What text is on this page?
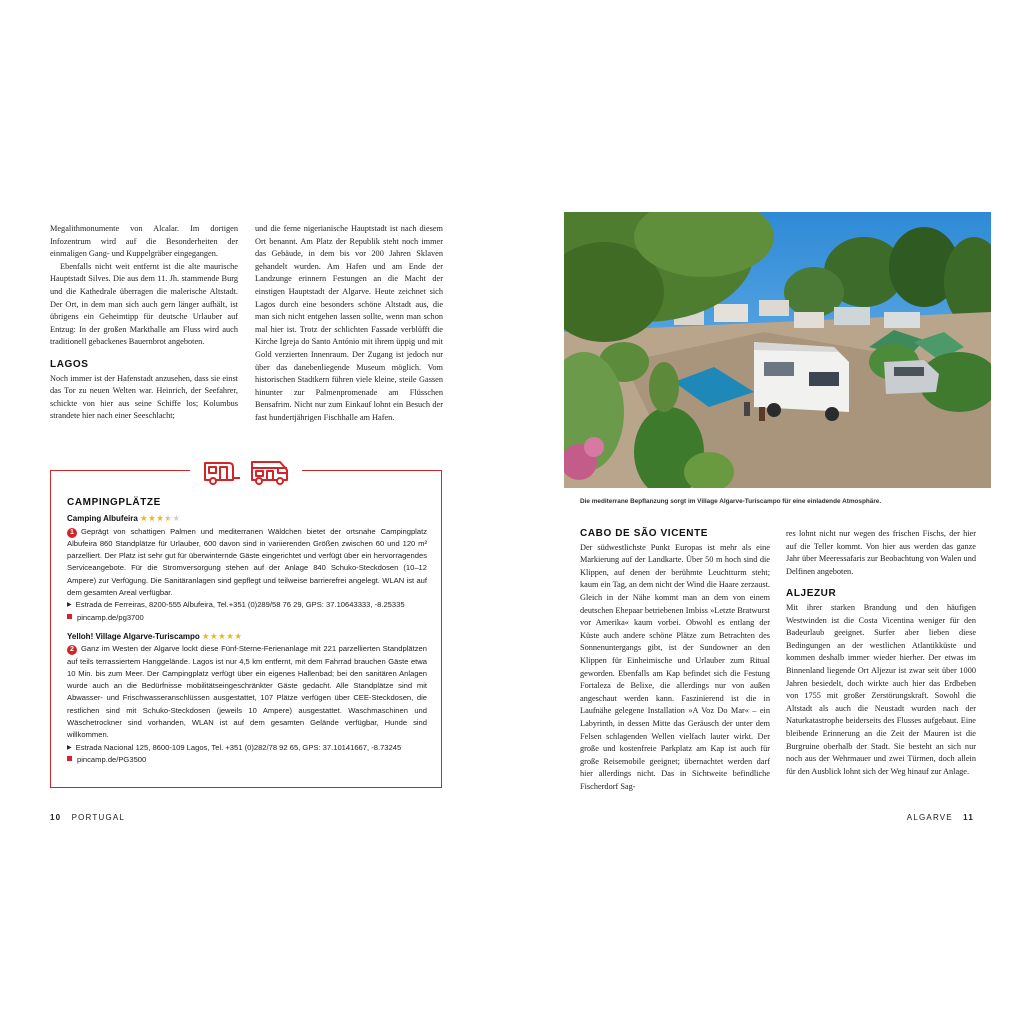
Megalithmonumente von Alcalar. Im dortigen Infozentrum wird auf die Besonderheiten der einmaligen Gang- und Kuppelgräber eingegangen.

Ebenfalls nicht weit entfernt ist die alte maurische Hauptstadt Silves. Die aus dem 11. Jh. stammende Burg und die Kathedrale überragen die malerische Altstadt. Der Ort, in dem man sich auch gern länger aufhält, ist übrigens ein Geheimtipp für deutsche Urlauber auf Entzug: In der großen Markthalle am Fluss wird auch traditionell gebackenes Bauernbrot angeboten.

LAGOS

Noch immer ist der Hafenstadt anzusehen, dass sie einst das Tor zu neuen Welten war. Heinrich, der Seefahrer, schickte von hier aus seine Schiffe los; Kolumbus strandete hier nach einer Seeschlacht;

und die ferne nigerianische Hauptstadt ist nach diesem Ort benannt. Am Platz der Republik steht noch immer das Gebäude, in dem bis vor 200 Jahren Sklaven gehandelt wurden. Am Hafen und am Ende der Landzunge erinnern Festungen an die Macht der einstigen Hauptstadt der Algarve. Heute zeichnet sich Lagos durch eine besonders schöne Altstadt aus, die man sich nicht entgehen lassen sollte, wenn man schon mal hier ist. Trotz der schlichten Fassade verblüfft die Kirche Igreja do Santo António mit ihrem üppig und mit Gold verzierten Innenraum. Der Zugang ist jedoch nur über das danebenliegende Museum möglich. Vom historischen Stadtkern führen viele kleine, steile Gassen hinunter zur Palmenpromenade am Flüsschen Bensafrim. Nicht nur zum Einkauf lohnt ein Besuch der fast hundertjährigen Fischhalle am Hafen.

CAMPINGPLÄTZE
Camping Albufeira ★★★★★
1 Geprägt von schattigen Palmen und mediterranen Wäldchen bietet der ortsnahe Campingplatz Albufeira 860 Standplätze für Urlauber, 600 davon sind in variierenden Größen zwischen 60 und 120 m² parzelliert. Der Platz ist sehr gut für überwinternde Gäste eingerichtet und verfügt über ein hervorragendes Serviceangebote. Für die Stromversorgung stehen auf der Anlage 840 Schuko-Steckdosen (10–12 Ampere) zur Verfügung. Die Sanitäranlagen sind gepflegt und teilweise barrierefrei angelegt. WLAN ist auf dem gesamten Areal verfügbar.
▶ Estrada de Ferreiras, 8200-555 Albufeira, Tel.+351 (0)289/58 76 29, GPS: 37.10643333, -8.25335
pincamp.de/pg3700
Yelloh! Village Algarve-Turiscampo ★★★★★
2 Ganz im Westen der Algarve lockt diese Fünf-Sterne-Ferienanlage mit 221 parzellierten Standplätzen auf teils terrassiertem Hanggelände. Lagos ist nur 4,5 km entfernt, mit dem Fahrrad brauchen Gäste etwa 10 Min. bis zum Meer. Der Campingplatz verfügt über ein eigenes Hallenbad; bei den sanitären Anlagen wurde auch an die Bedürfnisse mobilitätseingeschränkter Gäste gedacht. Alle Standplätze sind mit Abwasser- und Frischwasseranschlüssen ausgestattet, 107 Plätze verfügen über CEE-Steckdosen, die restlichen sind mit Schuko-Steckdosen (jeweils 10 Ampere) ausgestattet. Waschmaschinen und Wäschetrockner sind vorhanden, WLAN ist auf dem gesamten Gelände verfügbar, Hunde sind willkommen.
▶ Estrada Nacional 125, 8600-109 Lagos, Tel. +351 (0)282/78 92 65, GPS: 37.10141667, -8.73245
pincamp.de/PG3500
10 PORTUGAL
Die mediterrane Bepflanzung sorgt im Village Algarve-Turiscampo für eine einladende Atmosphäre.
CABO DE SÃO VICENTE

Der südwestlichste Punkt Europas ist mehr als eine Markierung auf der Landkarte. Über 50 m hoch sind die Klippen, auf denen der berühmte Leuchtturm steht; kaum ein Tag, an dem nicht der Wind die Haare zerzaust. Gleich in der Nähe kommt man an dem von einem deutschen Ehepaar betriebenen Imbiss »Letzte Bratwurst vor Amerika« kaum vorbei. Obwohl es entlang der Küste auch andere schöne Plätze zum Betrachten des Sonnenuntergangs gibt, ist der Sundowner an den Klippen für Einheimische und Urlauber zum Ritual geworden. Ebenfalls am Kap befindet sich die Festung Fortaleza de Belixe, die allerdings nur von außen angeschaut werden kann. Faszinierend ist die in Laufnähe gelegene Installation »A Voz Do Mar« – ein Labyrinth, in dessen Mitte das Geräusch der unter dem Felsen schlagenden Wellen vielfach lauter wirkt. Der große und kostenfreie Parkplatz am Kap ist auch für große Reisemobile geeignet; übernachtet werden darf hier allerdings nicht. Das in Sichtweite befindliche Fischerdorf Sag-

res lohnt nicht nur wegen des frischen Fischs, der hier auf die Teller kommt. Von hier aus werden das ganze Jahr über Meeressafaris zur Beobachtung von Walen und Delfinen angeboten.

ALJEZUR

Mit ihrer starken Brandung und den häufigen Westwinden ist die Costa Vicentina weniger für den Badeurlaub geeignet. Surfer aber lieben diese Bedingungen an der westlichen Atlantikküste und kommen deshalb immer wieder hierher. Der etwas im Binnenland liegende Ort Aljezur ist zwar seit über 1000 Jahren besiedelt, doch wirkte auch hier das Erdbeben von 1755 mit großer Zerstörungskraft. Sowohl die Altstadt als auch die Neustadt wurden nach der Naturkatastrophe beiderseits des Flusses aufgebaut. Eine bleibende Erinnerung an die Zeit der Mauren ist die Burgruine oberhalb der Stadt. Sie besteht an sich nur noch aus der Wehrmauer und zwei Türmen, doch allein für den Ausblick lohnt sich der Weg hinauf zur Anlage.

ALGARVE 11
